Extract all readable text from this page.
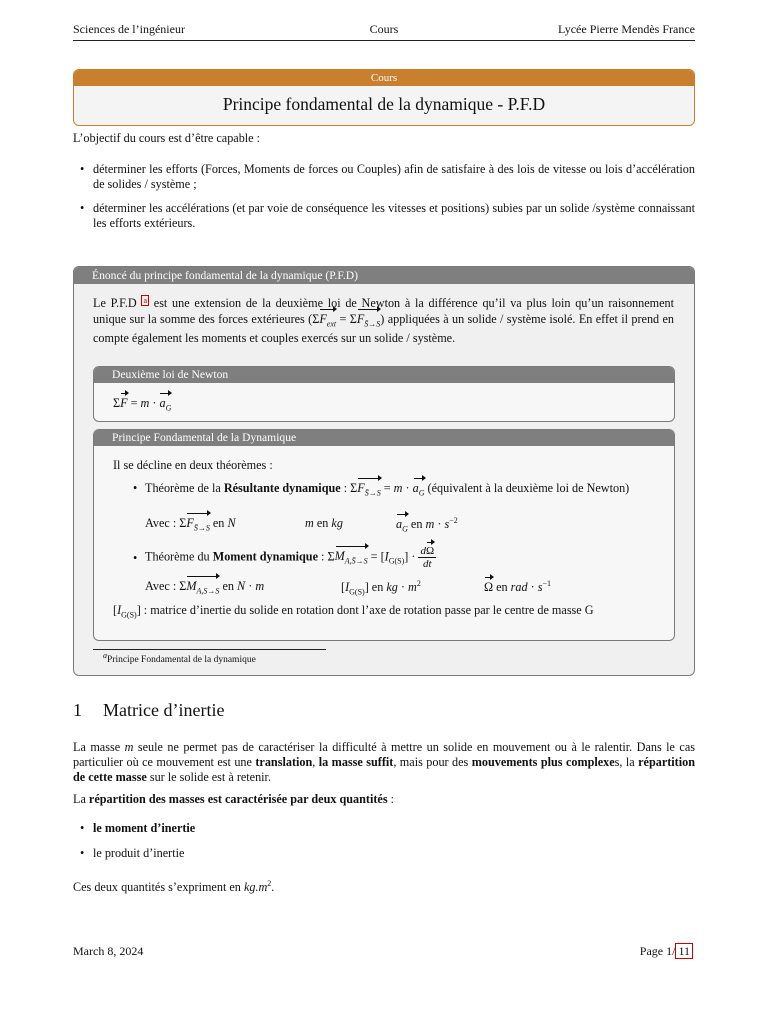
Sciences de l’ingénieur	Cours	Lycée Pierre Mendès France
Cours
Principe fondamental de la dynamique - P.F.D

L’objectif du cours est d’être capable :

• déterminer les efforts (Forces, Moments de forces ou Couples) afin de satisfaire à des lois de vitesse ou lois d’accélération de solides / système ;
• déterminer les accélérations (et par voie de conséquence les vitesses et positions) subies par un solide /système connaissant les efforts extérieurs.
Énoncé du principe fondamental de la dynamique (P.F.D)

Le P.F.D $^a$ est une extension de la deuxième loi de Newton à la différence qu’il va plus loin qu’un raisonnement unique sur la somme des forces extérieures $(\Sigma F_{ext} = \Sigma F_{S̄\to S})$ appliquées à un solide / système isolé. En effet il prend en compte également les moments et couples exercés sur un solide / système.

Deuxième loi de Newton
$\Sigma F = m \cdot a_G$
Principe Fondamental de la Dynamique

Il se décline en deux théorèmes :

• Théorème de la Résultante dynamique : $\Sigma F_{S̄\to S} = m \cdot a_G$ (équivalent à la deuxième loi de Newton)
Avec : $\Sigma F_{S̄\to S}$ en N	m en kg	$a_G$ en $m \cdot s^{-2}$
• Théorème du Moment dynamique : $\Sigma M_{A,S̄\to S} = [I_{G(S)}] \cdot \frac{d\Omega}{dt}$
Avec : $\Sigma M_{A,S\to S}$ en N · m	$[I_{G(S)}]$ en kg · $m^2$	Ω en rad · $s^{-1}$

$[I_{G(S)}]$ : matrice d’inertie du solide en rotation dont l’axe de rotation passe par le centre de masse G

$^a$Principe Fondamental de la dynamique

1 Matrice d’inertie

La masse m seule ne permet pas de caractériser la difficulté à mettre un solide en mouvement ou à le ralentir. Dans le cas particulier où ce mouvement est une translation, la masse suffit, mais pour des mouvements plus complexes, la répartition de cette masse sur le solide est à retenir.

La répartition des masses est caractérisée par deux quantités :

• le moment d’inertie
• le produit d’inertie

Ces deux quantités s’expriment en $kg.m^2$.

March 8, 2024	Page 1/ 11
